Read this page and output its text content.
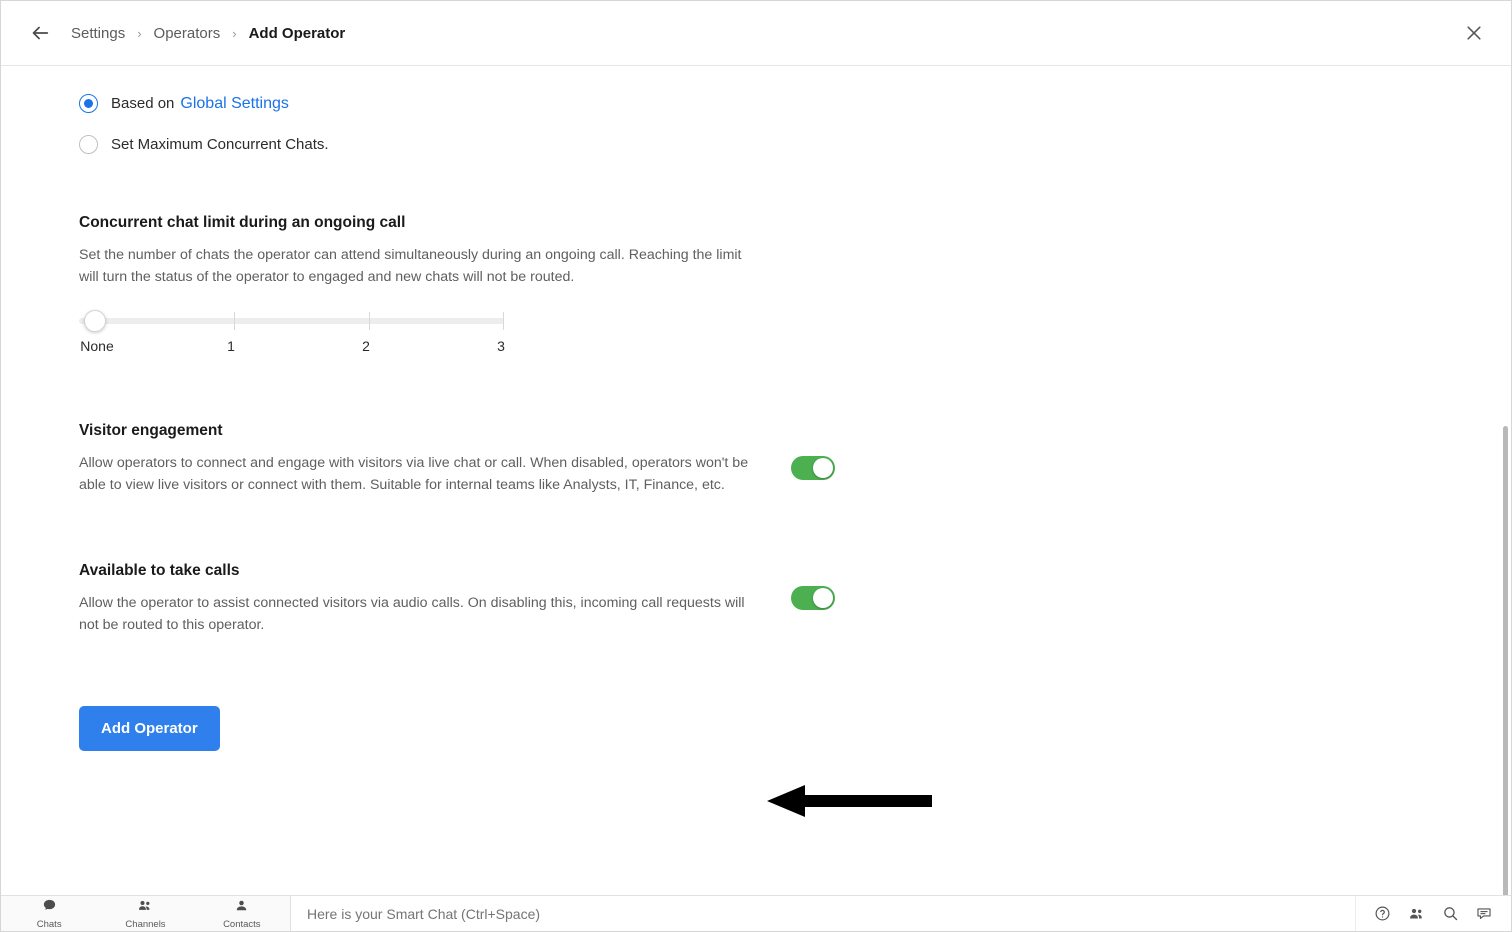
Settings › Operators › Add Operator
Based on Global Settings
Set Maximum Concurrent Chats.
Concurrent chat limit during an ongoing call
Set the number of chats the operator can attend simultaneously during an ongoing call. Reaching the limit will turn the status of the operator to engaged and new chats will not be routed.
None	1	2	3
Visitor engagement
Allow operators to connect and engage with visitors via live chat or call. When disabled, operators won't be able to view live visitors or connect with them. Suitable for internal teams like Analysts, IT, Finance, etc.
Available to take calls
Allow the operator to assist connected visitors via audio calls. On disabling this, incoming call requests will not be routed to this operator.
Add Operator
Chats	Channels	Contacts
Here is your Smart Chat (Ctrl+Space)
